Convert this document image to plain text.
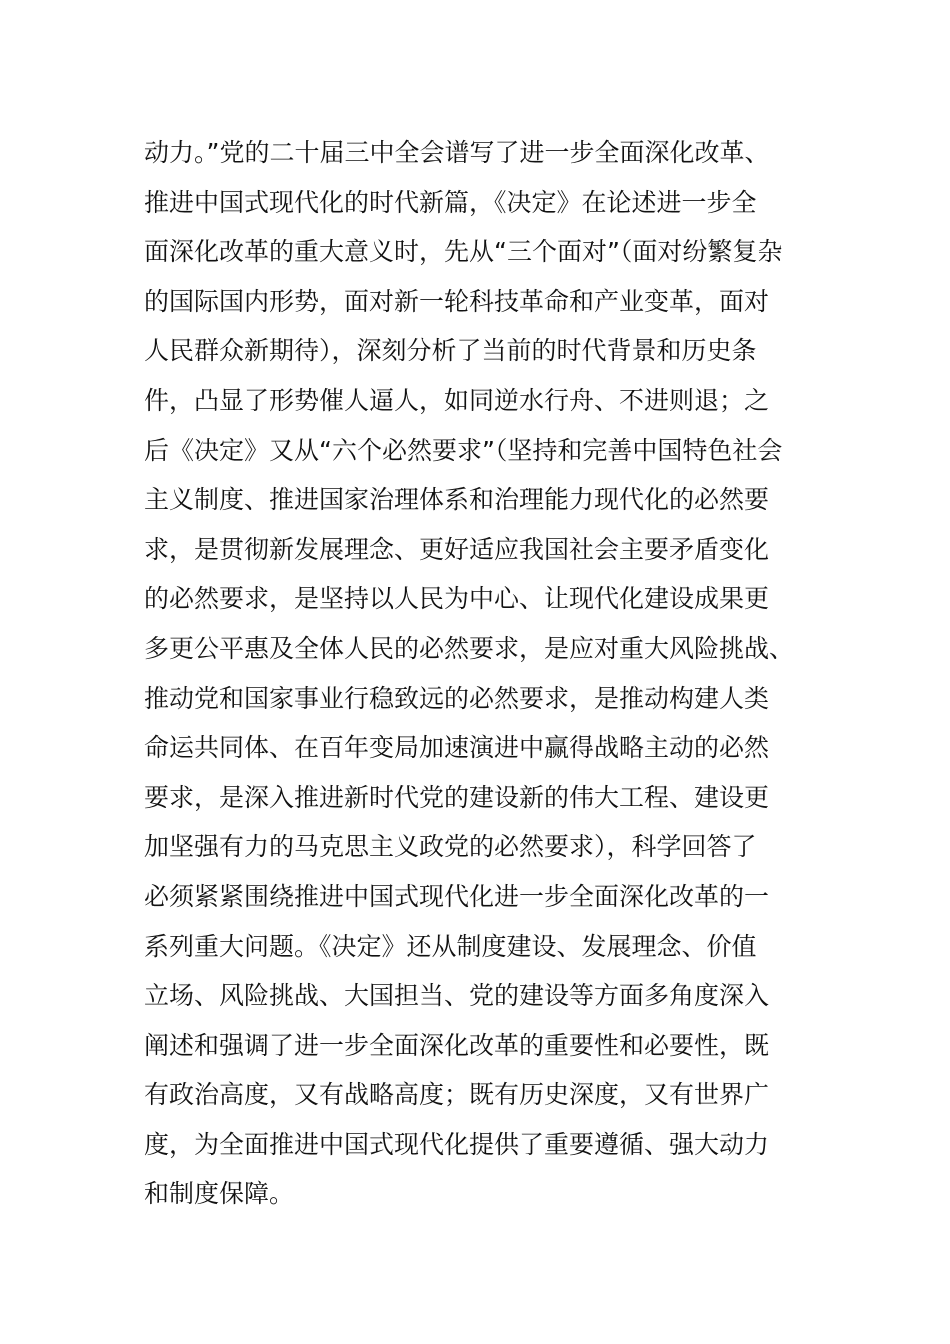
动力。”党的二十届三中全会谱写了进一步全面深化改革、
推进中国式现代化的时代新篇，《决定》在论述进一步全
面深化改革的重大意义时，先从“三个面对”（面对纷繁复杂
的国际国内形势，面对新一轮科技革命和产业变革，面对
人民群众新期待），深刻分析了当前的时代背景和历史条
件，凸显了形势催人逼人，如同逆水行舟、不进则退；之
后《决定》又从“六个必然要求”（坚持和完善中国特色社会
主义制度、推进国家治理体系和治理能力现代化的必然要
求，是贯彻新发展理念、更好适应我国社会主要矛盾变化
的必然要求，是坚持以人民为中心、让现代化建设成果更
多更公平惠及全体人民的必然要求，是应对重大风险挑战、
推动党和国家事业行稳致远的必然要求，是推动构建人类
命运共同体、在百年变局加速演进中赢得战略主动的必然
要求，是深入推进新时代党的建设新的伟大工程、建设更
加坚强有力的马克思主义政党的必然要求），科学回答了
必须紧紧围绕推进中国式现代化进一步全面深化改革的一
系列重大问题。《决定》还从制度建设、发展理念、价值
立场、风险挑战、大国担当、党的建设等方面多角度深入
阐述和强调了进一步全面深化改革的重要性和必要性，既
有政治高度，又有战略高度；既有历史深度，又有世界广
度，为全面推进中国式现代化提供了重要遵循、强大动力
和制度保障。
